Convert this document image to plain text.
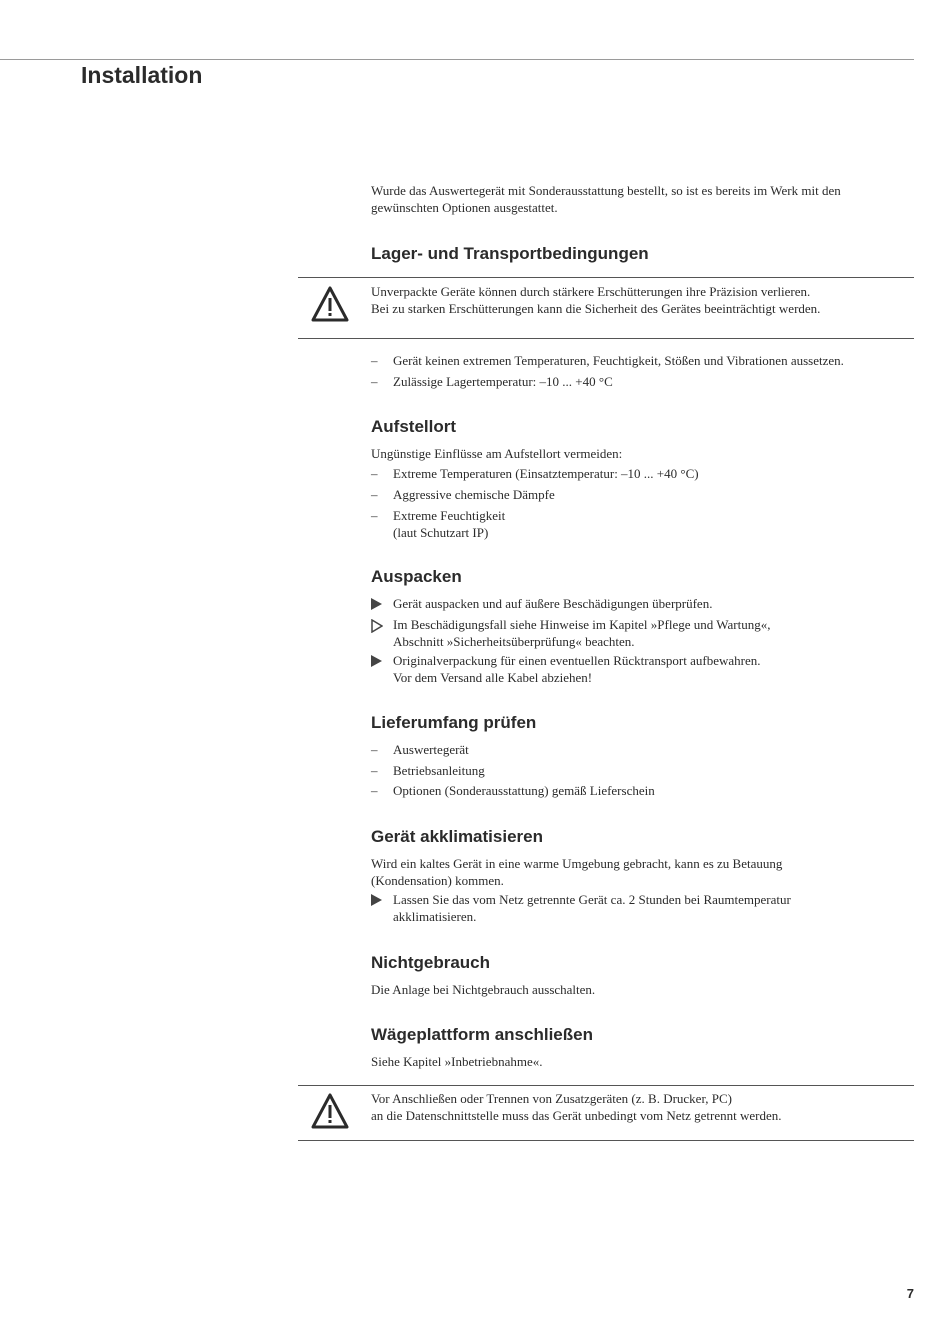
Installation

Wurde das Auswertegerät mit Sonderausstattung bestellt, so ist es bereits im Werk mit den

gewünschten Optionen ausgestattet.

Lager- und Transportbedingungen

Unverpackte Geräte können durch stärkere Erschütterungen ihre Präzision verlieren.

Bei zu starken Erschütterungen kann die Sicherheit des Gerätes beeinträchtigt werden.

–	Gerät keinen extremen Temperaturen, Feuchtigkeit, Stößen und Vibrationen aussetzen.
–	Zulässige Lagertemperatur: –10 ... +40 °C
Aufstellort
Ungünstige Einflüsse am Aufstellort vermeiden:
–	Extreme Temperaturen (Einsatztemperatur: –10 ... +40 °C)
–	Aggressive chemische Dämpfe
–	Extreme Feuchtigkeit
(laut Schutzart IP)
Auspacken
Gerät auspacken und auf äußere Beschädigungen überprüfen.
Im Beschädigungsfall siehe Hinweise im Kapitel »Pflege und Wartung«,
Abschnitt »Sicherheitsüberprüfung« beachten.
Originalverpackung für einen eventuellen Rücktransport aufbewahren.
Vor dem Versand alle Kabel abziehen!
Lieferumfang prüfen
–	Auswertegerät
–	Betriebsanleitung
–	Optionen (Sonderausstattung) gemäß Lieferschein
Gerät akklimatisieren

Wird ein kaltes Gerät in eine warme Umgebung gebracht, kann es zu Betauung

(Kondensation) kommen.

Lassen Sie das vom Netz getrennte Gerät ca. 2 Stunden bei Raumtemperatur
akklimatisieren.
Nichtgebrauch
Die Anlage bei Nichtgebrauch ausschalten.
Wägeplattform anschließen
Siehe Kapitel »Inbetriebnahme«.

Vor Anschließen oder Trennen von Zusatzgeräten (z. B. Drucker, PC)

an die Datenschnittstelle muss das Gerät unbedingt vom Netz getrennt werden.

7
